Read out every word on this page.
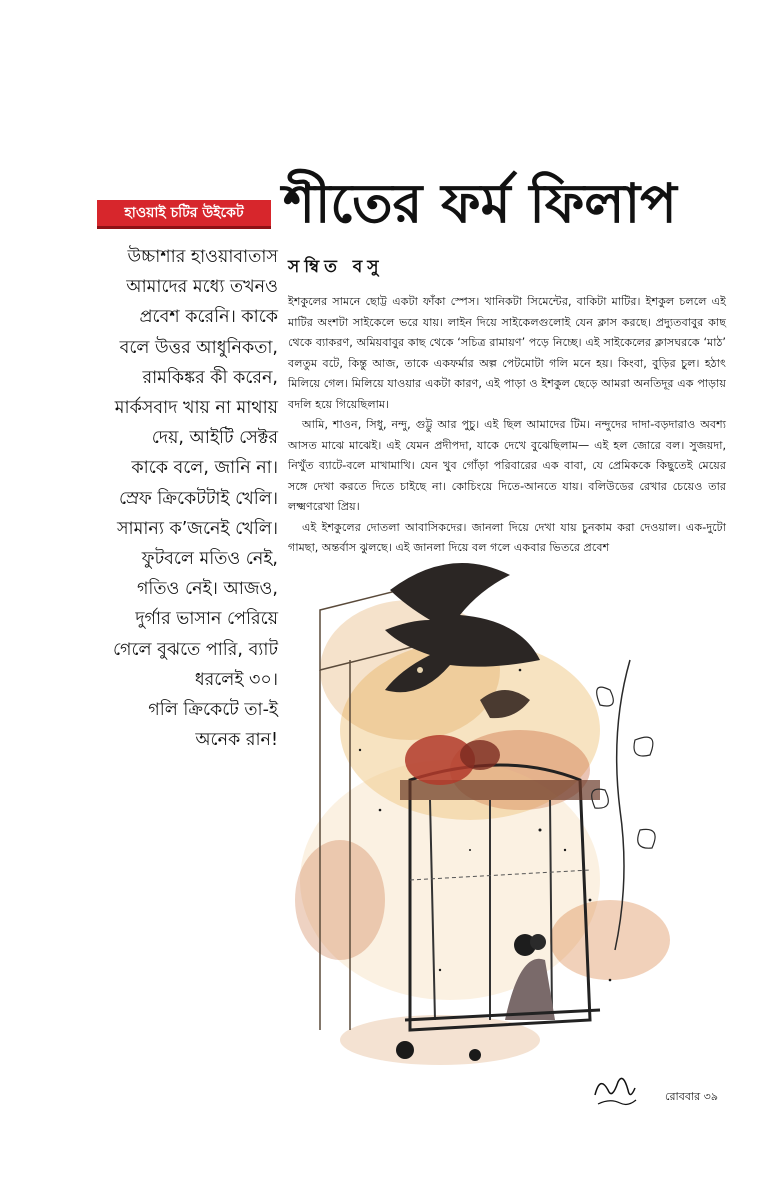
হাওয়াই চটির উইকেট শীতের ফর্ম ফিলাপ
সম্বিত বসু
উচ্চাশার হাওয়াবাতাস
আমাদের মধ্যে তখনও
প্রবেশ করেনি। কাকে
বলে উত্তর আধুনিকতা,
রামকিঙ্কর কী করেন,
মার্কসবাদ খায় না মাথায়
দেয়, আইটি সেক্টর
কাকে বলে, জানি না।
স্রেফ ক্রিকেটটাই খেলি।
সামান্য ক’জনেই খেলি।
ফুটবলে মতিও নেই,
গতিও নেই। আজও,
দুর্গার ভাসান পেরিয়ে
গেলে বুঝতে পারি, ব্যাট
ধরলেই ৩০।
গলি ক্রিকেটে তা-ই
অনেক রান!

ইশকুলের সামনে ছোট্ট একটা ফাঁকা স্পেস। খানিকটা সিমেন্টের, বাকিটা মাটির। ইশকুল চললে এই মাটির অংশটা সাইকেলে ভরে যায়। লাইন দিয়ে সাইকেলগুলোই যেন ক্লাস করছে। প্রদ্যুতবাবুর কাছ থেকে ব্যাকরণ, অমিয়বাবুর কাছ থেকে ‘সচিত্র রামায়ণ’ পড়ে নিচ্ছে। এই সাইকেলের ক্লাসঘরকে ‘মাঠ’ বলতুম বটে, কিন্তু আজ, তাকে একফর্মার অল্প পেটমোটা গলি মনে হয়। কিংবা, বুড়ির চুল। হঠাৎ মিলিয়ে গেল। মিলিয়ে যাওয়ার একটা কারণ, এই পাড়া ও ইশকুল ছেড়ে আমরা অনতিদূর এক পাড়ায় বদলি হয়ে গিয়েছিলাম।

আমি, শাওন, সিধু, নন্দু, গুট্টু আর পুচু। এই ছিল আমাদের টিম। নন্দুদের দাদা-বড়দারাও অবশ্য আসত মাঝে মাঝেই। এই যেমন প্রদীপদা, যাকে দেখে বুঝেছিলাম— এই হল জোরে বল। সুজয়দা, নিখুঁত ব্যাটে-বলে মাখামাখি। যেন খুব গোঁড়া পরিবারের এক বাবা, যে প্রেমিককে কিছুতেই মেয়ের সঙ্গে দেখা করতে দিতে চাইছে না। কোচিংয়ে দিতে-আনতে যায়। বলিউডের রেখার চেয়েও তার লক্ষ্মণরেখা প্রিয়।

এই ইশকুলের দোতলা আবাসিকদের। জানলা দিয়ে দেখা যায় চুনকাম করা দেওয়াল। এক-দুটো গামছা, অন্তর্বাস ঝুলছে। এই জানলা দিয়ে বল গলে একবার ভিতরে প্রবেশ

রোববার ৩৯
